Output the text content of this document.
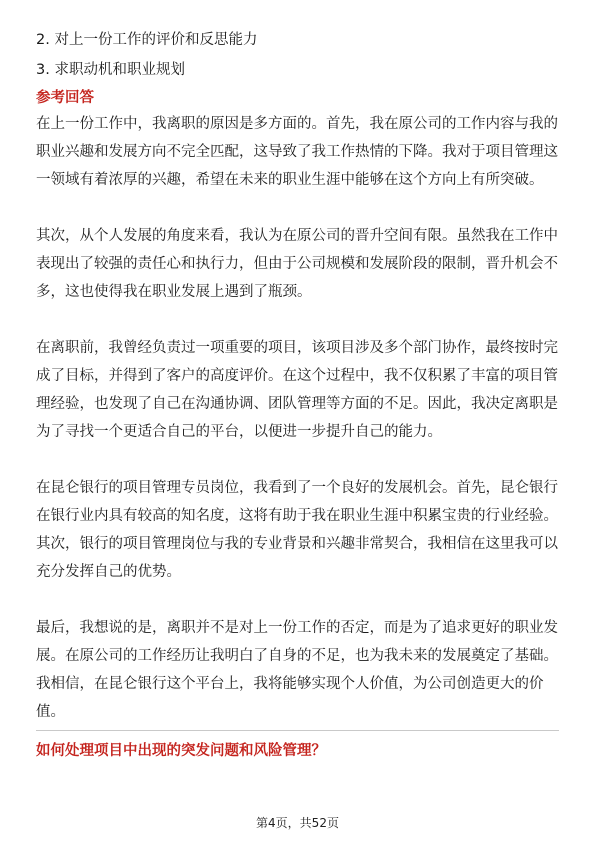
2. 对上一份工作的评价和反思能力
3. 求职动机和职业规划
参考回答
在上一份工作中，我离职的原因是多方面的。首先，我在原公司的工作内容与我的
职业兴趣和发展方向不完全匹配，这导致了我工作热情的下降。我对于项目管理这
一领域有着浓厚的兴趣，希望在未来的职业生涯中能够在这个方向上有所突破。
其次，从个人发展的角度来看，我认为在原公司的晋升空间有限。虽然我在工作中
表现出了较强的责任心和执行力，但由于公司规模和发展阶段的限制，晋升机会不
多，这也使得我在职业发展上遇到了瓶颈。
在离职前，我曾经负责过一项重要的项目，该项目涉及多个部门协作，最终按时完
成了目标，并得到了客户的高度评价。在这个过程中，我不仅积累了丰富的项目管
理经验，也发现了自己在沟通协调、团队管理等方面的不足。因此，我决定离职是
为了寻找一个更适合自己的平台，以便进一步提升自己的能力。
在昆仑银行的项目管理专员岗位，我看到了一个良好的发展机会。首先，昆仑银行
在银行业内具有较高的知名度，这将有助于我在职业生涯中积累宝贵的行业经验。
其次，银行的项目管理岗位与我的专业背景和兴趣非常契合，我相信在这里我可以
充分发挥自己的优势。
最后，我想说的是，离职并不是对上一份工作的否定，而是为了追求更好的职业发
展。在原公司的工作经历让我明白了自身的不足，也为我未来的发展奠定了基础。
我相信，在昆仑银行这个平台上，我将能够实现个人价值，为公司创造更大的价
值。
如何处理项目中出现的突发问题和风险管理？
第4页，共52页
